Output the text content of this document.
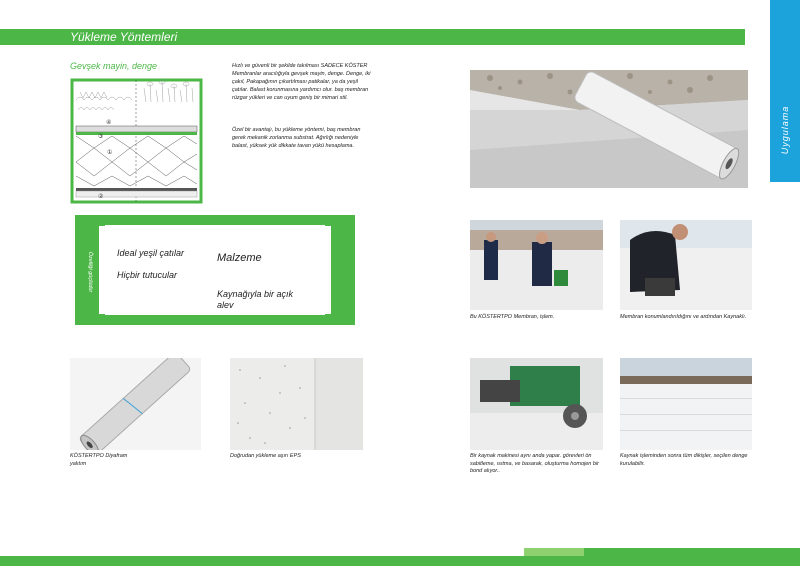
Yükleme Yöntemleri
Uygulama
Gevşek mayin, denge
④
③
①
②
Hızlı ve güvenli bir şekilde takılması SADECE KÖSTER Membranlar aracılığıyla gevşek mayin, denge. Denge, iki çakıl, Pakapağının çıkartılması patikalar, ya da yeşil çatılar. Balast korunmasına yardımcı olur. baş membran rüzgar yükleri ve can uyum geniş bir mimari stil.
Özel bir avantajı, bu yükleme yöntemi, baş membran gerek mekanik zorlanma substrat. Ağırlığı nedeniyle balast, yüksek yük dikkate tavan yükü hesaplama.
Özelliği güçlüdür	Ideal yeşil çatılar
Hiçbir tutucular
Malzeme
Kaynağıyla bir açık alev
Bu KÖSTERTPO Membran, işlem.	Membran konumlandırıldığını ve ardından Kaynaklı.
KÖSTERTPO Diyafram yalıtım
Doğrudan yükleme aşırı EPS	Bir kaynak makinesi aynı anda yapar. görevleri ön sabitleme, ısıtma, ve basarak, oluşturma homojen bir bond alıyor..
Kaynak işleminden sonra tüm dikişler, seçilen denge kurulabilir.
